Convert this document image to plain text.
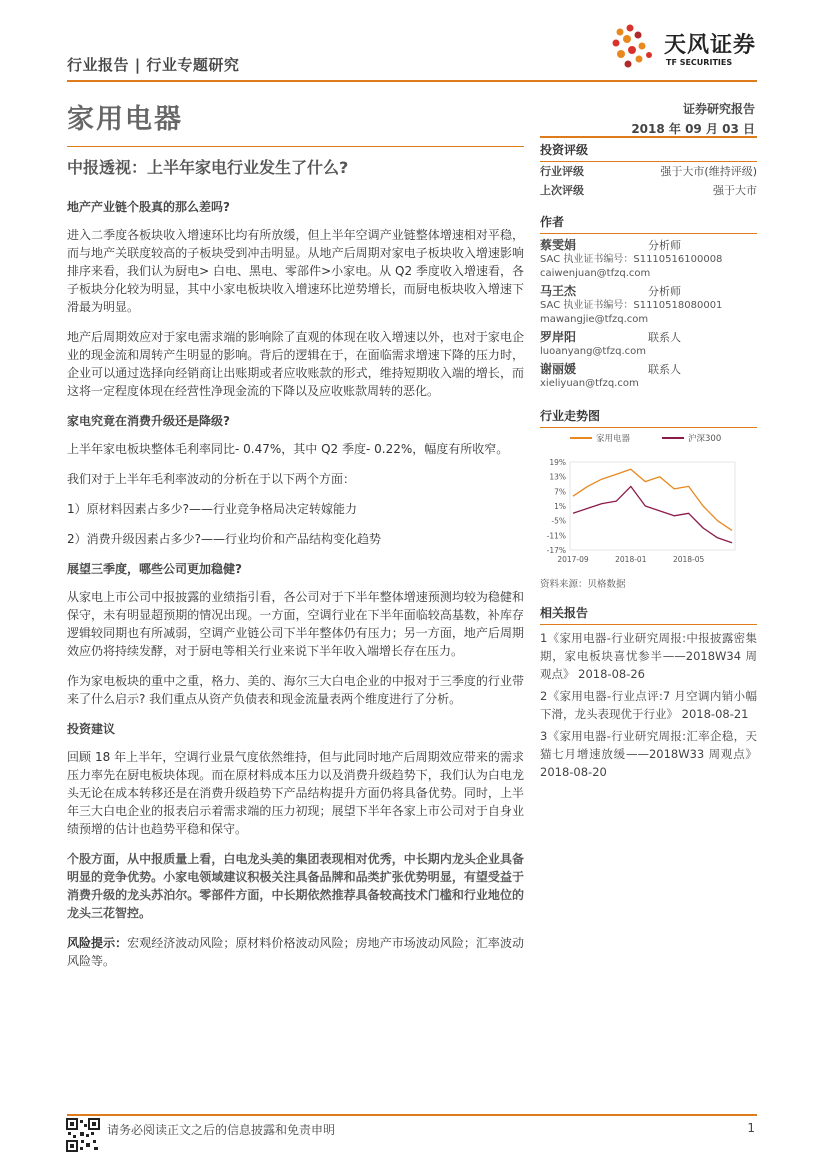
行业报告 | 行业专题研究
天风证券
TF SECURITIES
家用电器	证券研究报告
2018 年 09 月 03 日
中报透视：上半年家电行业发生了什么?
地产产业链个股真的那么差吗?

进入二季度各板块收入增速环比均有所放缓，但上半年空调产业链整体增速相对平稳，而与地产关联度较高的子板块受到冲击明显。从地产后周期对家电子板块收入增速影响排序来看，我们认为厨电> 白电、黑电、零部件>小家电。从 Q2 季度收入增速看，各子板块分化较为明显，其中小家电板块收入增速环比逆势增长，而厨电板块收入增速下滑最为明显。

地产后周期效应对于家电需求端的影响除了直观的体现在收入增速以外，也对于家电企业的现金流和周转产生明显的影响。背后的逻辑在于，在面临需求增速下降的压力时，企业可以通过选择向经销商让出账期或者应收账款的形式，维持短期收入端的增长，而这将一定程度体现在经营性净现金流的下降以及应收账款周转的恶化。

家电究竟在消费升级还是降级?

上半年家电板块整体毛利率同比- 0.47%，其中 Q2 季度- 0.22%，幅度有所收窄。

我们对于上半年毛利率波动的分析在于以下两个方面：

1）原材料因素占多少?——行业竞争格局决定转嫁能力

2）消费升级因素占多少?——行业均价和产品结构变化趋势

展望三季度，哪些公司更加稳健?

从家电上市公司中报披露的业绩指引看，各公司对于下半年整体增速预测均较为稳健和保守，未有明显超预期的情况出现。一方面，空调行业在下半年面临较高基数，补库存逻辑较同期也有所减弱，空调产业链公司下半年整体仍有压力；另一方面，地产后周期效应仍将持续发酵，对于厨电等相关行业来说下半年收入端增长存在压力。

作为家电板块的重中之重，格力、美的、海尔三大白电企业的中报对于三季度的行业带来了什么启示? 我们重点从资产负债表和现金流量表两个维度进行了分析。

投资建议

回顾 18 年上半年，空调行业景气度依然维持，但与此同时地产后周期效应带来的需求压力率先在厨电板块体现。而在原材料成本压力以及消费升级趋势下，我们认为白电龙头无论在成本转移还是在消费升级趋势下产品结构提升方面仍将具备优势。同时，上半年三大白电企业的报表启示着需求端的压力初现；展望下半年各家上市公司对于自身业绩预增的估计也趋势平稳和保守。

个股方面，从中报质量上看，白电龙头美的集团表现相对优秀，中长期内龙头企业具备明显的竞争优势。小家电领域建议积极关注具备品牌和品类扩张优势明显，有望受益于消费升级的龙头苏泊尔。零部件方面，中长期依然推荐具备较高技术门槛和行业地位的龙头三花智控。

风险提示：宏观经济波动风险；原材料价格波动风险；房地产市场波动风险；汇率波动风险等。

投资评级
行业评级	强于大市(维持评级)
上次评级	强于大市
作者
蔡雯娟	分析师
SAC 执业证书编号：S1110516100008
caiwenjuan@tfzq.com
马王杰	分析师
SAC 执业证书编号：S1110518080001
mawangjie@tfzq.com
罗岸阳	联系人
luoanyang@tfzq.com
谢丽媛	联系人
xieliyuan@tfzq.com
行业走势图
家用电器	沪深300
19%
13%
7%
1%
-5%
-11%
-17%
2017-09	2018-01	2018-05
资料来源：贝格数据
相关报告

1《家用电器-行业研究周报:中报披露密集期，家电板块喜忧参半——2018W34 周观点》 2018-08-26

2《家用电器-行业点评:7 月空调内销小幅下滑，龙头表现优于行业》 2018-08-21

3《家用电器-行业研究周报:汇率企稳，天猫七月增速放缓——2018W33 周观点》 2018-08-20

请务必阅读正文之后的信息披露和免责申明	1
